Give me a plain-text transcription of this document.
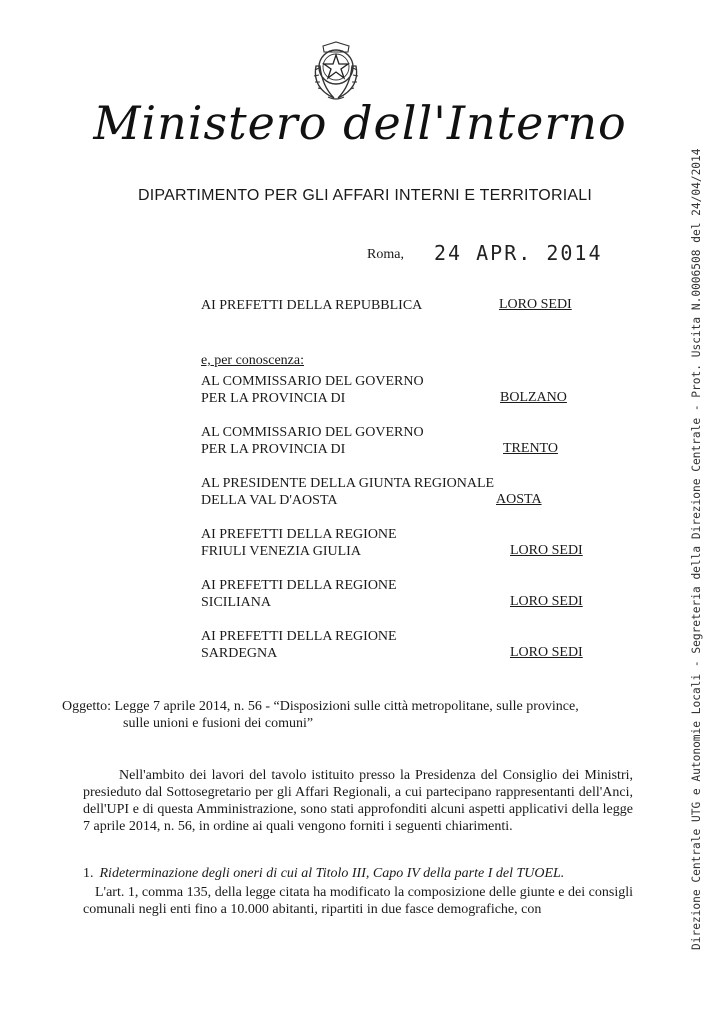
Ministero dell'Interno
DIPARTIMENTO PER GLI AFFARI INTERNI E TERRITORIALI
Roma, 24 APR. 2014
AI PREFETTI DELLA REPUBBLICA	LORO SEDI
e, per conoscenza:
AL COMMISSARIO DEL GOVERNO
PER LA PROVINCIA DI	BOLZANO
AL COMMISSARIO DEL GOVERNO
PER LA PROVINCIA DI	TRENTO
AL PRESIDENTE DELLA GIUNTA REGIONALE
DELLA VAL D'AOSTA	AOSTA
AI PREFETTI DELLA REGIONE
FRIULI VENEZIA GIULIA	LORO SEDI
AI PREFETTI DELLA REGIONE
SICILIANA	LORO SEDI
AI PREFETTI DELLA REGIONE
SARDEGNA	LORO SEDI
Oggetto: Legge 7 aprile 2014, n. 56 - “Disposizioni sulle città metropolitane, sulle province,
sulle unioni e fusioni dei comuni”
Nell'ambito dei lavori del tavolo istituito presso la Presidenza del Consiglio dei Ministri, presieduto dal Sottosegretario per gli Affari Regionali, a cui partecipano rappresentanti dell'Anci, dell'UPI e di questa Amministrazione, sono stati approfonditi alcuni aspetti applicativi della legge 7 aprile 2014, n. 56, in ordine ai quali vengono forniti i seguenti chiarimenti.
1. Rideterminazione degli oneri di cui al Titolo III, Capo IV della parte I del TUOEL.
L'art. 1, comma 135, della legge citata ha modificato la composizione delle giunte e dei consigli comunali negli enti fino a 10.000 abitanti, ripartiti in due fasce demografiche, con	Direzione Centrale UTG e Autonomie Locali - Segreteria della Direzione Centrale - Prot. Uscita N.0006508 del 24/04/2014
